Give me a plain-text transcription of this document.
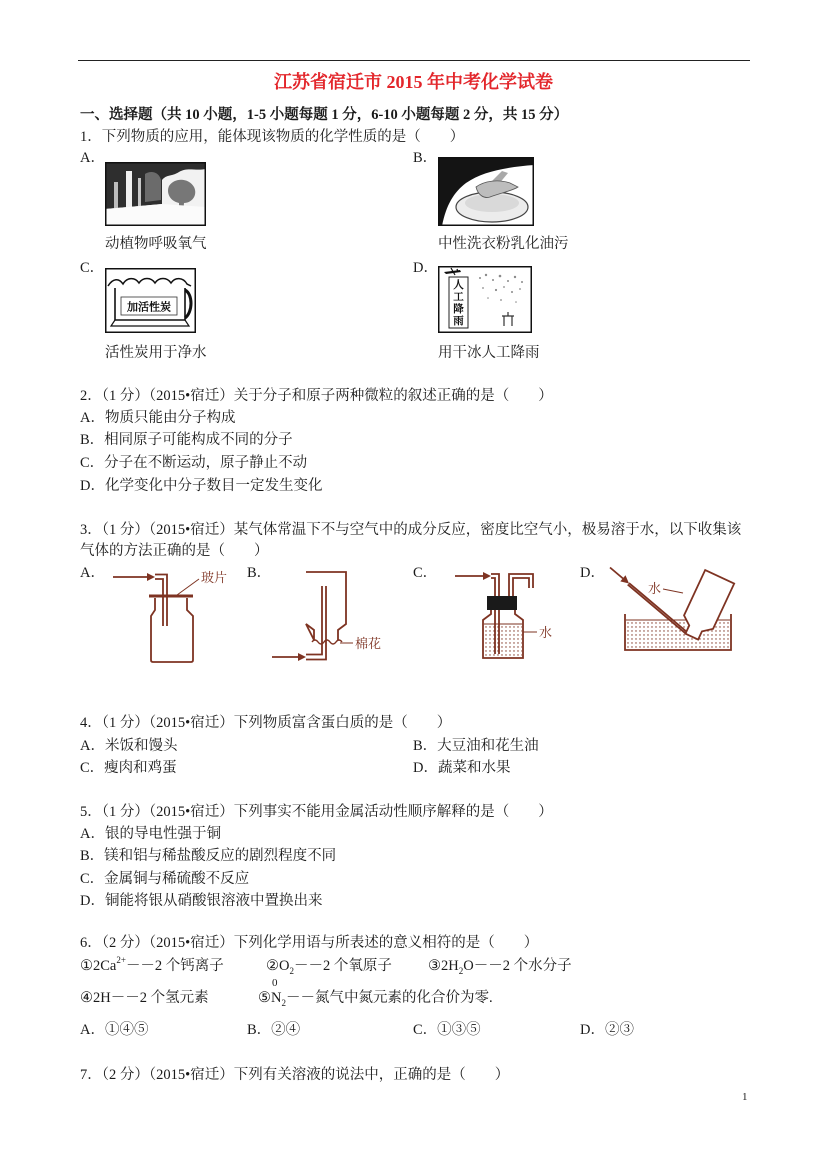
江苏省宿迁市 2015 年中考化学试卷
一、选择题（共 10 小题，1-5 小题每题 1 分，6-10 小题每题 2 分，共 15 分）
1．下列物质的应用，能体现该物质的化学性质的是（　　）
A．	B．
动植物呼吸氧气	中性洗衣粉乳化油污
C．	D．
加活性炭	人工降雨
活性炭用于净水	用干冰人工降雨
2．（1 分）（2015•宿迁）关于分子和原子两种微粒的叙述正确的是（　　）
A．物质只能由分子构成
B．相同原子可能构成不同的分子
C．分子在不断运动，原子静止不动
D．化学变化中分子数目一定发生变化
3．（1 分）（2015•宿迁）某气体常温下不与空气中的成分反应，密度比空气小，极易溶于水，以下收集该
气体的方法正确的是（　　）
A．	B．	C．	D．
玻片
棉花
水
水
4．（1 分）（2015•宿迁）下列物质富含蛋白质的是（　　）
A．米饭和馒头	B．大豆油和花生油
C．瘦肉和鸡蛋	D．蔬菜和水果
5．（1 分）（2015•宿迁）下列事实不能用金属活动性顺序解释的是（　　）
A．银的导电性强于铜
B．镁和铝与稀盐酸反应的剧烈程度不同
C．金属铜与稀硫酸不反应
D．铜能将银从硝酸银溶液中置换出来
6．（2 分）（2015•宿迁）下列化学用语与所表述的意义相符的是（　　）
$①2Ca^{2+}--2$ 个钙离子	$②O_2--2$ 个氧原子 $③2H_2O--2$ 个水分子
④2H－－2 个氢元素	⑤
0
$N_2--$氮气中氮元素的化合价为零.
A．①④⑤	B．②④	C．①③⑤	D．②③
7．（2 分）（2015•宿迁）下列有关溶液的说法中，正确的是（　　）
1
